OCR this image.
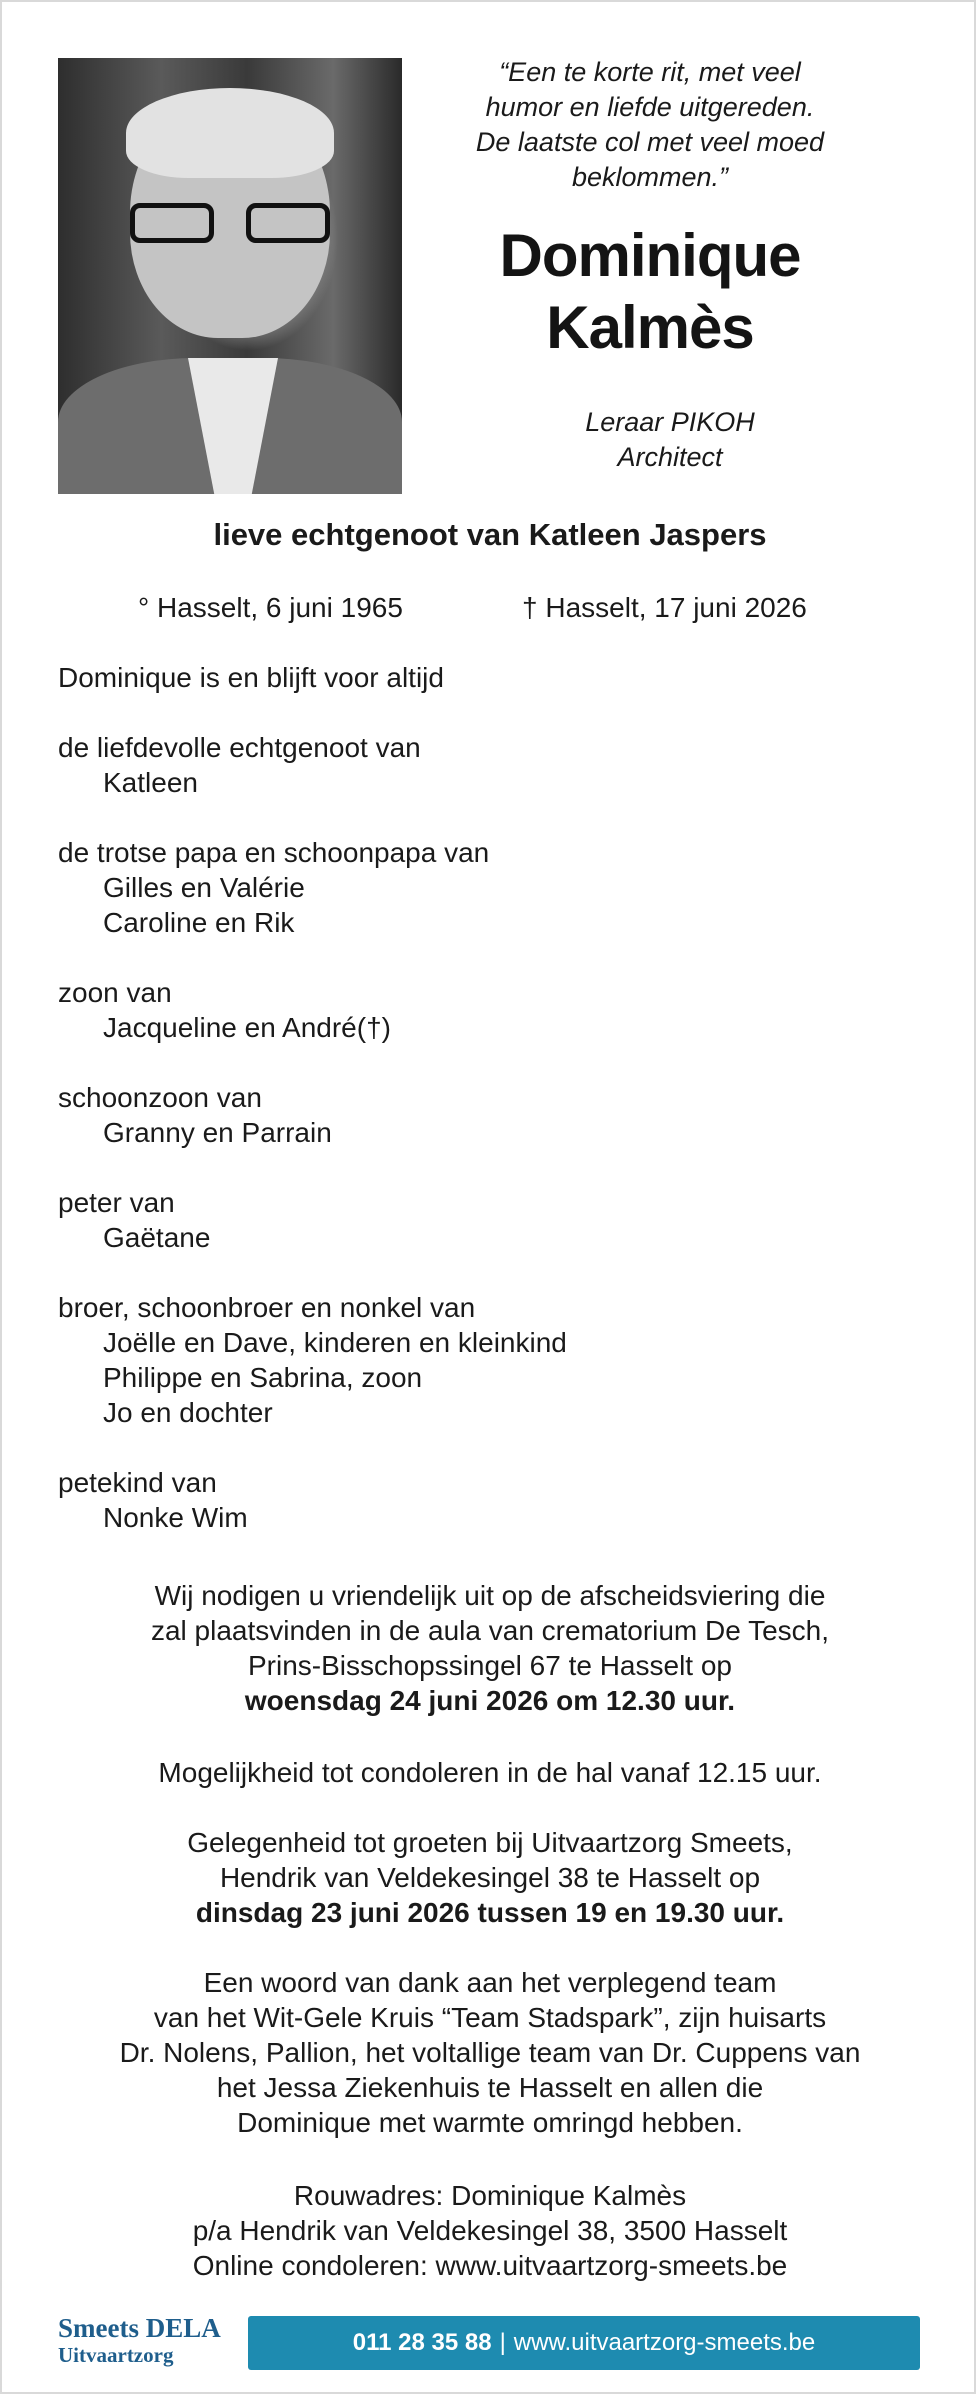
“Een te korte rit, met veel
humor en liefde uitgereden.
De laatste col met veel moed
beklommen.”
Dominique
Kalmès
Leraar PIKOH
Architect
lieve echtgenoot van Katleen Jaspers
° Hasselt, 6 juni 1965	† Hasselt, 17 juni 2026
Dominique is en blijft voor altijd
de liefdevolle echtgenoot van
Katleen
de trotse papa en schoonpapa van
Gilles en Valérie
Caroline en Rik
zoon van
Jacqueline en André(†)
schoonzoon van
Granny en Parrain
peter van
Gaëtane
broer, schoonbroer en nonkel van
Joëlle en Dave, kinderen en kleinkind
Philippe en Sabrina, zoon
Jo en dochter
petekind van
Nonke Wim
Wij nodigen u vriendelijk uit op de afscheidsviering die
zal plaatsvinden in de aula van crematorium De Tesch,
Prins-Bisschopssingel 67 te Hasselt op
woensdag 24 juni 2026 om 12.30 uur.
Mogelijkheid tot condoleren in de hal vanaf 12.15 uur.
Gelegenheid tot groeten bij Uitvaartzorg Smeets,
Hendrik van Veldekesingel 38 te Hasselt op
dinsdag 23 juni 2026 tussen 19 en 19.30 uur.
Een woord van dank aan het verplegend team
van het Wit-Gele Kruis “Team Stadspark”, zijn huisarts
Dr. Nolens, Pallion, het voltallige team van Dr. Cuppens van
het Jessa Ziekenhuis te Hasselt en allen die
Dominique met warmte omringd hebben.
Rouwadres: Dominique Kalmès
p/a Hendrik van Veldekesingel 38, 3500 Hasselt
Online condoleren: www.uitvaartzorg-smeets.be
Smeets DELA
Uitvaartzorg	011 28 35 88 | www.uitvaartzorg-smeets.be
